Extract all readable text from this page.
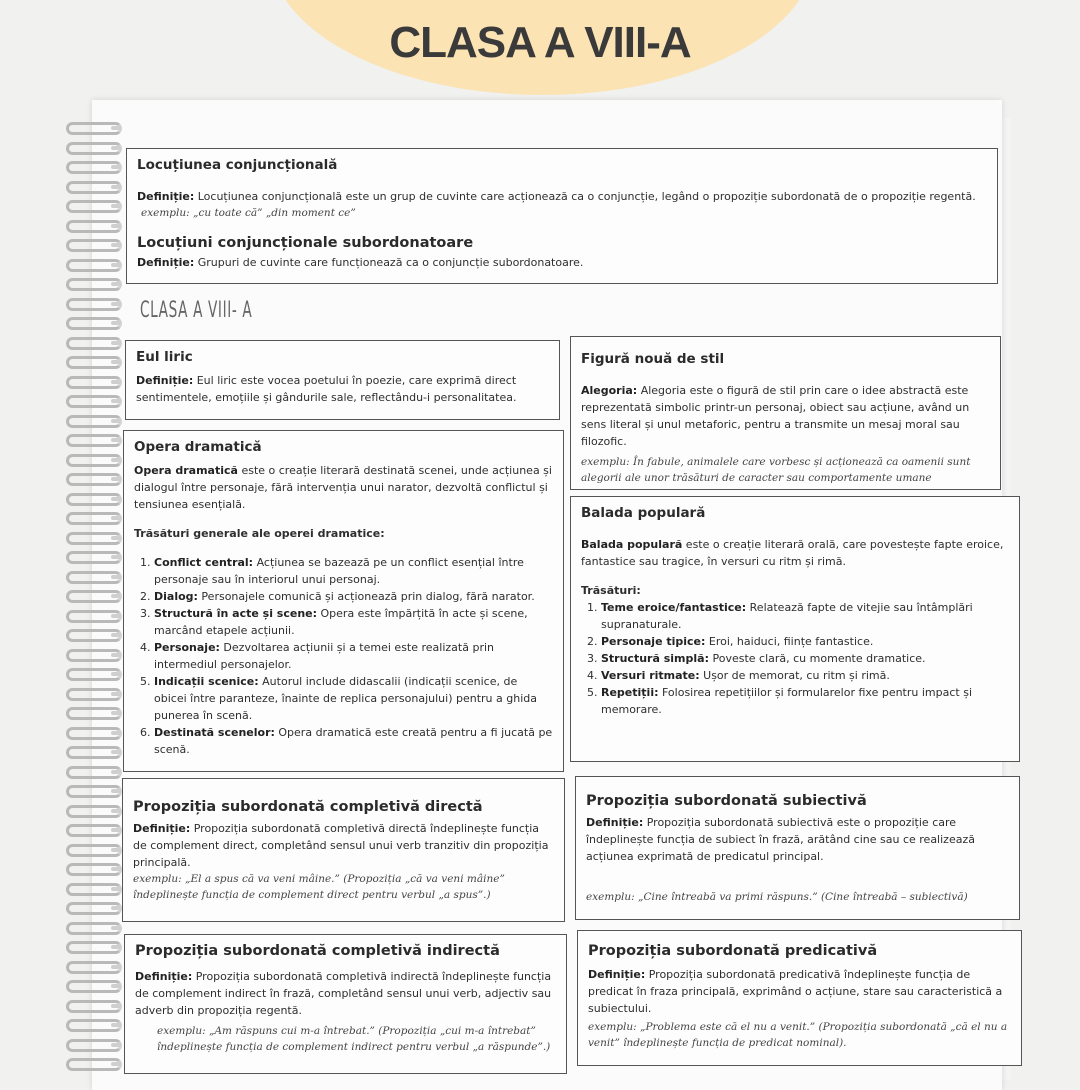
CLASA A VIII-A
Locuțiunea conjuncțională

Definiție: Locuțiunea conjuncțională este un grup de cuvinte care acționează ca o conjuncție, legând o propoziție subordonată de o propoziție regentă.

exemplu: „cu toate că” „din moment ce”

Locuțiuni conjuncționale subordonatoare

Definiție: Grupuri de cuvinte care funcționează ca o conjuncție subordonatoare.

CLASA A VIII- A
Eul liric

Definiție: Eul liric este vocea poetului în poezie, care exprimă direct sentimentele, emoțiile și gândurile sale, reflectându-i personalitatea.

Figură nouă de stil

Alegoria: Alegoria este o figură de stil prin care o idee abstractă este reprezentată simbolic printr-un personaj, obiect sau acțiune, având un sens literal și unul metaforic, pentru a transmite un mesaj moral sau filozofic.

exemplu: În fabule, animalele care vorbesc și acționează ca oamenii sunt alegorii ale unor trăsături de caracter sau comportamente umane

Opera dramatică

Opera dramatică este o creație literară destinată scenei, unde acțiunea și dialogul între personaje, fără intervenția unui narator, dezvoltă conflictul și tensiunea esențială.

Trăsături generale ale operei dramatice:

1. Conflict central: Acțiunea se bazează pe un conflict esențial între personaje sau în interiorul unui personaj.
2. Dialog: Personajele comunică și acționează prin dialog, fără narator.
3. Structură în acte și scene: Opera este împărțită în acte și scene, marcând etapele acțiunii.
4. Personaje: Dezvoltarea acțiunii și a temei este realizată prin intermediul personajelor.
5. Indicații scenice: Autorul include didascalii (indicații scenice, de obicei între paranteze, înainte de replica personajului) pentru a ghida punerea în scenă.
6. Destinată scenelor: Opera dramatică este creată pentru a fi jucată pe scenă.
Balada populară

Balada populară este o creație literară orală, care povestește fapte eroice, fantastice sau tragice, în versuri cu ritm și rimă.

Trăsături:

1. Teme eroice/fantastice: Relatează fapte de vitejie sau întâmplări supranaturale.
2. Personaje tipice: Eroi, haiduci, ființe fantastice.
3. Structură simplă: Poveste clară, cu momente dramatice.
4. Versuri ritmate: Ușor de memorat, cu ritm și rimă.
5. Repetiții: Folosirea repetițiilor și formularelor fixe pentru impact și memorare.
Propoziția subordonată completivă directă

Definiție: Propoziția subordonată completivă directă îndeplinește funcția de complement direct, completând sensul unui verb tranzitiv din propoziția principală.

exemplu: „El a spus că va veni mâine.” (Propoziția „că va veni mâine” îndeplinește funcția de complement direct pentru verbul „a spus”.)

Propoziția subordonată subiectivă

Definiție: Propoziția subordonată subiectivă este o propoziție care îndeplinește funcția de subiect în frază, arătând cine sau ce realizează acțiunea exprimată de predicatul principal.

exemplu: „Cine întreabă va primi răspuns.” (Cine întreabă – subiectivă)

Propoziția subordonată completivă indirectă

Definiție: Propoziția subordonată completivă indirectă îndeplinește funcția de complement indirect în frază, completând sensul unui verb, adjectiv sau adverb din propoziția regentă.

exemplu: „Am răspuns cui m-a întrebat.” (Propoziția „cui m-a întrebat” îndeplinește funcția de complement indirect pentru verbul „a răspunde”.)

Propoziția subordonată predicativă

Definiție: Propoziția subordonată predicativă îndeplinește funcția de predicat în fraza principală, exprimând o acțiune, stare sau caracteristică a subiectului.

exemplu: „Problema este că el nu a venit.” (Propoziția subordonată „că el nu a venit” îndeplinește funcția de predicat nominal).
